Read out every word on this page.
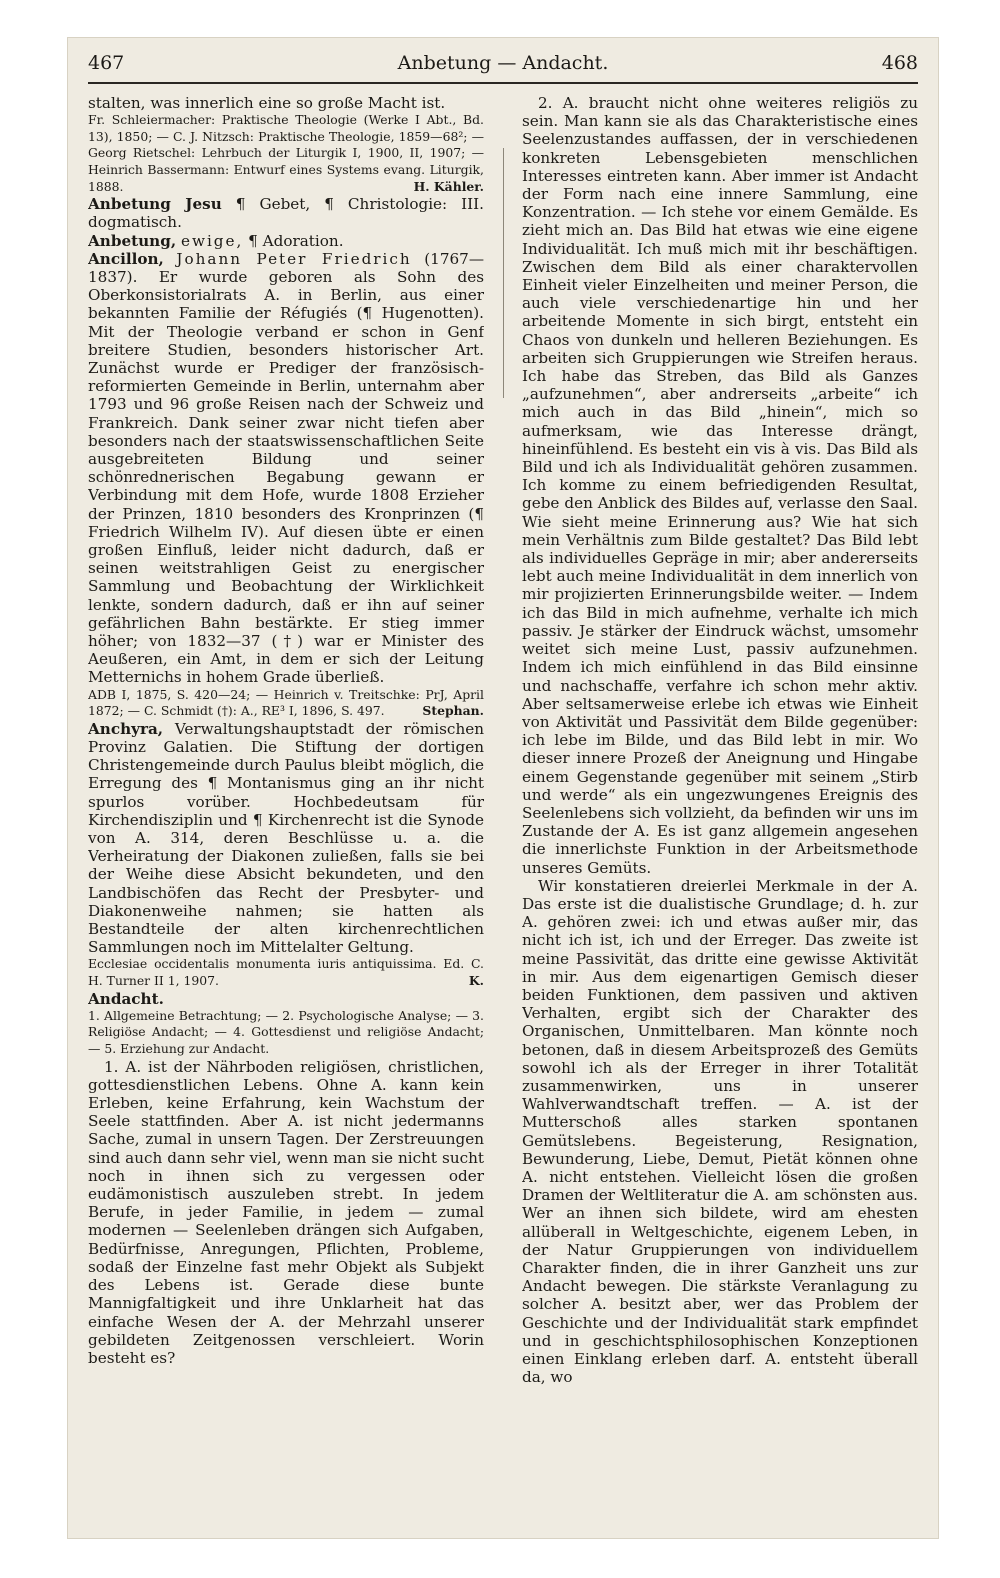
467	Anbetung — Andacht.	468

stalten, was innerlich eine so große Macht ist.

Fr. Schleiermacher: Praktische Theologie (Werke I Abt., Bd. 13), 1850; — C. J. Nitzsch: Praktische Theologie, 1859—68²; — Georg Rietschel: Lehrbuch der Liturgik I, 1900, II, 1907; — Heinrich Bassermann: Entwurf eines Systems evang. Liturgik, 1888.	H. Kähler.

Anbetung Jesu ¶ Gebet, ¶ Christologie: III. dogmatisch.

Anbetung, ewige, ¶ Adoration.

Ancillon, Johann Peter Friedrich (1767—1837). Er wurde geboren als Sohn des Oberkonsistorialrats A. in Berlin, aus einer bekannten Familie der Réfugiés (¶ Hugenotten). Mit der Theologie verband er schon in Genf breitere Studien, besonders historischer Art. Zunächst wurde er Prediger der französisch-reformierten Gemeinde in Berlin, unternahm aber 1793 und 96 große Reisen nach der Schweiz und Frankreich. Dank seiner zwar nicht tiefen aber besonders nach der staatswissenschaftlichen Seite ausgebreiteten Bildung und seiner schönrednerischen Begabung gewann er Verbindung mit dem Hofe, wurde 1808 Erzieher der Prinzen, 1810 besonders des Kronprinzen (¶ Friedrich Wilhelm IV). Auf diesen übte er einen großen Einfluß, leider nicht dadurch, daß er seinen weitstrahligen Geist zu energischer Sammlung und Beobachtung der Wirklichkeit lenkte, sondern dadurch, daß er ihn auf seiner gefährlichen Bahn bestärkte. Er stieg immer höher; von 1832—37 (†) war er Minister des Aeußeren, ein Amt, in dem er sich der Leitung Metternichs in hohem Grade überließ.

ADB I, 1875, S. 420—24; — Heinrich v. Treitschke: PrJ, April 1872; — C. Schmidt (†): A., RE³ I, 1896, S. 497.	Stephan.

Anchyra, Verwaltungshauptstadt der römischen Provinz Galatien. Die Stiftung der dortigen Christengemeinde durch Paulus bleibt möglich, die Erregung des ¶ Montanismus ging an ihr nicht spurlos vorüber. Hochbedeutsam für Kirchendisziplin und ¶ Kirchenrecht ist die Synode von A. 314, deren Beschlüsse u. a. die Verheiratung der Diakonen zuließen, falls sie bei der Weihe diese Absicht bekundeten, und den Landbischöfen das Recht der Presbyter- und Diakonenweihe nahmen; sie hatten als Bestandteile der alten kirchenrechtlichen Sammlungen noch im Mittelalter Geltung.

Ecclesiae occidentalis monumenta iuris antiquissima. Ed. C. H. Turner II 1, 1907.	K.

Andacht.

1. Allgemeine Betrachtung; — 2. Psychologische Analyse; — 3. Religiöse Andacht; — 4. Gottesdienst und religiöse Andacht; — 5. Erziehung zur Andacht.

1. A. ist der Nährboden religiösen, christlichen, gottesdienstlichen Lebens. Ohne A. kann kein Erleben, keine Erfahrung, kein Wachstum der Seele stattfinden. Aber A. ist nicht jedermanns Sache, zumal in unsern Tagen. Der Zerstreuungen sind auch dann sehr viel, wenn man sie nicht sucht noch in ihnen sich zu vergessen oder eudämonistisch auszuleben strebt. In jedem Berufe, in jeder Familie, in jedem — zumal modernen — Seelenleben drängen sich Aufgaben, Bedürfnisse, Anregungen, Pflichten, Probleme, sodaß der Einzelne fast mehr Objekt als Subjekt des Lebens ist. Gerade diese bunte Mannigfaltigkeit und ihre Unklarheit hat das einfache Wesen der A. der Mehrzahl unserer gebildeten Zeitgenossen verschleiert. Worin besteht es?

2. A. braucht nicht ohne weiteres religiös zu sein. Man kann sie als das Charakteristische eines Seelenzustandes auffassen, der in verschiedenen konkreten Lebensgebieten menschlichen Interesses eintreten kann. Aber immer ist Andacht der Form nach eine innere Sammlung, eine Konzentration. — Ich stehe vor einem Gemälde. Es zieht mich an. Das Bild hat etwas wie eine eigene Individualität. Ich muß mich mit ihr beschäftigen. Zwischen dem Bild als einer charaktervollen Einheit vieler Einzelheiten und meiner Person, die auch viele verschiedenartige hin und her arbeitende Momente in sich birgt, entsteht ein Chaos von dunkeln und helleren Beziehungen. Es arbeiten sich Gruppierungen wie Streifen heraus. Ich habe das Streben, das Bild als Ganzes „aufzunehmen“, aber andrerseits „arbeite“ ich mich auch in das Bild „hinein“, mich so aufmerksam, wie das Interesse drängt, hineinfühlend. Es besteht ein vis à vis. Das Bild als Bild und ich als Individualität gehören zusammen. Ich komme zu einem befriedigenden Resultat, gebe den Anblick des Bildes auf, verlasse den Saal. Wie sieht meine Erinnerung aus? Wie hat sich mein Verhältnis zum Bilde gestaltet? Das Bild lebt als individuelles Gepräge in mir; aber andererseits lebt auch meine Individualität in dem innerlich von mir projizierten Erinnerungsbilde weiter. — Indem ich das Bild in mich aufnehme, verhalte ich mich passiv. Je stärker der Eindruck wächst, umsomehr weitet sich meine Lust, passiv aufzunehmen. Indem ich mich einfühlend in das Bild einsinne und nachschaffe, verfahre ich schon mehr aktiv. Aber seltsamerweise erlebe ich etwas wie Einheit von Aktivität und Passivität dem Bilde gegenüber: ich lebe im Bilde, und das Bild lebt in mir. Wo dieser innere Prozeß der Aneignung und Hingabe einem Gegenstande gegenüber mit seinem „Stirb und werde“ als ein ungezwungenes Ereignis des Seelenlebens sich vollzieht, da befinden wir uns im Zustande der A. Es ist ganz allgemein angesehen die innerlichste Funktion in der Arbeitsmethode unseres Gemüts.

Wir konstatieren dreierlei Merkmale in der A. Das erste ist die dualistische Grundlage; d. h. zur A. gehören zwei: ich und etwas außer mir, das nicht ich ist, ich und der Erreger. Das zweite ist meine Passivität, das dritte eine gewisse Aktivität in mir. Aus dem eigenartigen Gemisch dieser beiden Funktionen, dem passiven und aktiven Verhalten, ergibt sich der Charakter des Organischen, Unmittelbaren. Man könnte noch betonen, daß in diesem Arbeitsprozeß des Gemüts sowohl ich als der Erreger in ihrer Totalität zusammenwirken, uns in unserer Wahlverwandtschaft treffen. — A. ist der Mutterschoß alles starken spontanen Gemütslebens. Begeisterung, Resignation, Bewunderung, Liebe, Demut, Pietät können ohne A. nicht entstehen. Vielleicht lösen die großen Dramen der Weltliteratur die A. am schönsten aus. Wer an ihnen sich bildete, wird am ehesten allüberall in Weltgeschichte, eigenem Leben, in der Natur Gruppierungen von individuellem Charakter finden, die in ihrer Ganzheit uns zur Andacht bewegen. Die stärkste Veranlagung zu solcher A. besitzt aber, wer das Problem der Geschichte und der Individualität stark empfindet und in geschichtsphilosophischen Konzeptionen einen Einklang erleben darf. A. entsteht überall da, wo
